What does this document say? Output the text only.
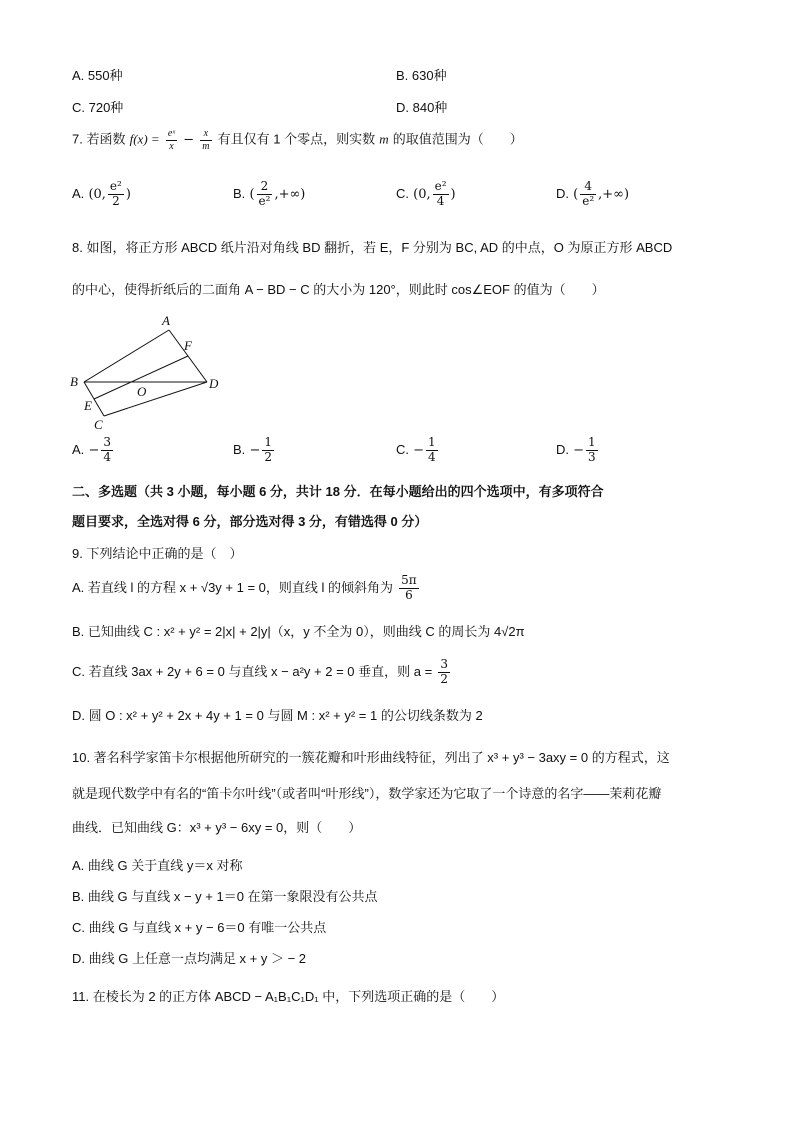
A. 550种	B. 630种
C. 720种	D. 840种
7. 若函数 $f(x) = \frac{\text{eˣ}}{x} - \frac{x}{m}$ 有且仅有 1 个零点，则实数 m 的取值范围为（　　）
A. (0, $\frac{\text{e²}}{2}$ )	B. ( $\frac{2}{\text{e²}}$ ,+∞)	C. (0, $\frac{\text{e²}}{4}$ )	D. ( $\frac{4}{\text{e²}}$ ,+∞)
8. 如图，将正方形 ABCD 纸片沿对角线 BD 翻折，若 E，F 分别为 BC, AD 的中点，O 为原正方形 ABCD
的中心，使得折纸后的二面角 A − BD − C 的大小为 120°，则此时 cos∠EOF 的值为（　　）
A
B
C
D
E
F
O
A. − $\frac{3}{4}$	B. − $\frac{1}{2}$	C. − $\frac{1}{4}$	D. − $\frac{1}{3}$
二、多选题（共 3 小题，每小题 6 分，共计 18 分．在每小题给出的四个选项中，有多项符合
题目要求，全选对得 6 分，部分选对得 3 分，有错选得 0 分）
9. 下列结论中正确的是（　）
A. 若直线 l 的方程 x + √3y + 1 = 0，则直线 l 的倾斜角为 $\frac{5\pi}{6}$
B. 已知曲线 C : x² + y² = 2|x| + 2|y|（x，y 不全为 0），则曲线 C 的周长为 4√2π
C. 若直线 3ax + 2y + 6 = 0 与直线 x − a²y + 2 = 0 垂直，则 $a = \frac{3}{2}$
D. 圆 O : x² + y² + 2x + 4y + 1 = 0 与圆 M : x² + y² = 1 的公切线条数为 2
10. 著名科学家笛卡尔根据他所研究的一簇花瓣和叶形曲线特征，列出了 x³ + y³ − 3axy = 0 的方程式，这
就是现代数学中有名的“笛卡尔叶线”（或者叫“叶形线”），数学家还为它取了一个诗意的名字——茉莉花瓣
曲线．已知曲线 G：x³ + y³ − 6xy = 0，则（　　）
A. 曲线 G 关于直线 y＝x 对称
B. 曲线 G 与直线 x − y + 1＝0 在第一象限没有公共点
C. 曲线 G 与直线 x + y − 6＝0 有唯一公共点
D. 曲线 G 上任意一点均满足 x + y ＞ − 2
11. 在棱长为 2 的正方体 ABCD − A₁B₁C₁D₁ 中，下列选项正确的是（　　）
